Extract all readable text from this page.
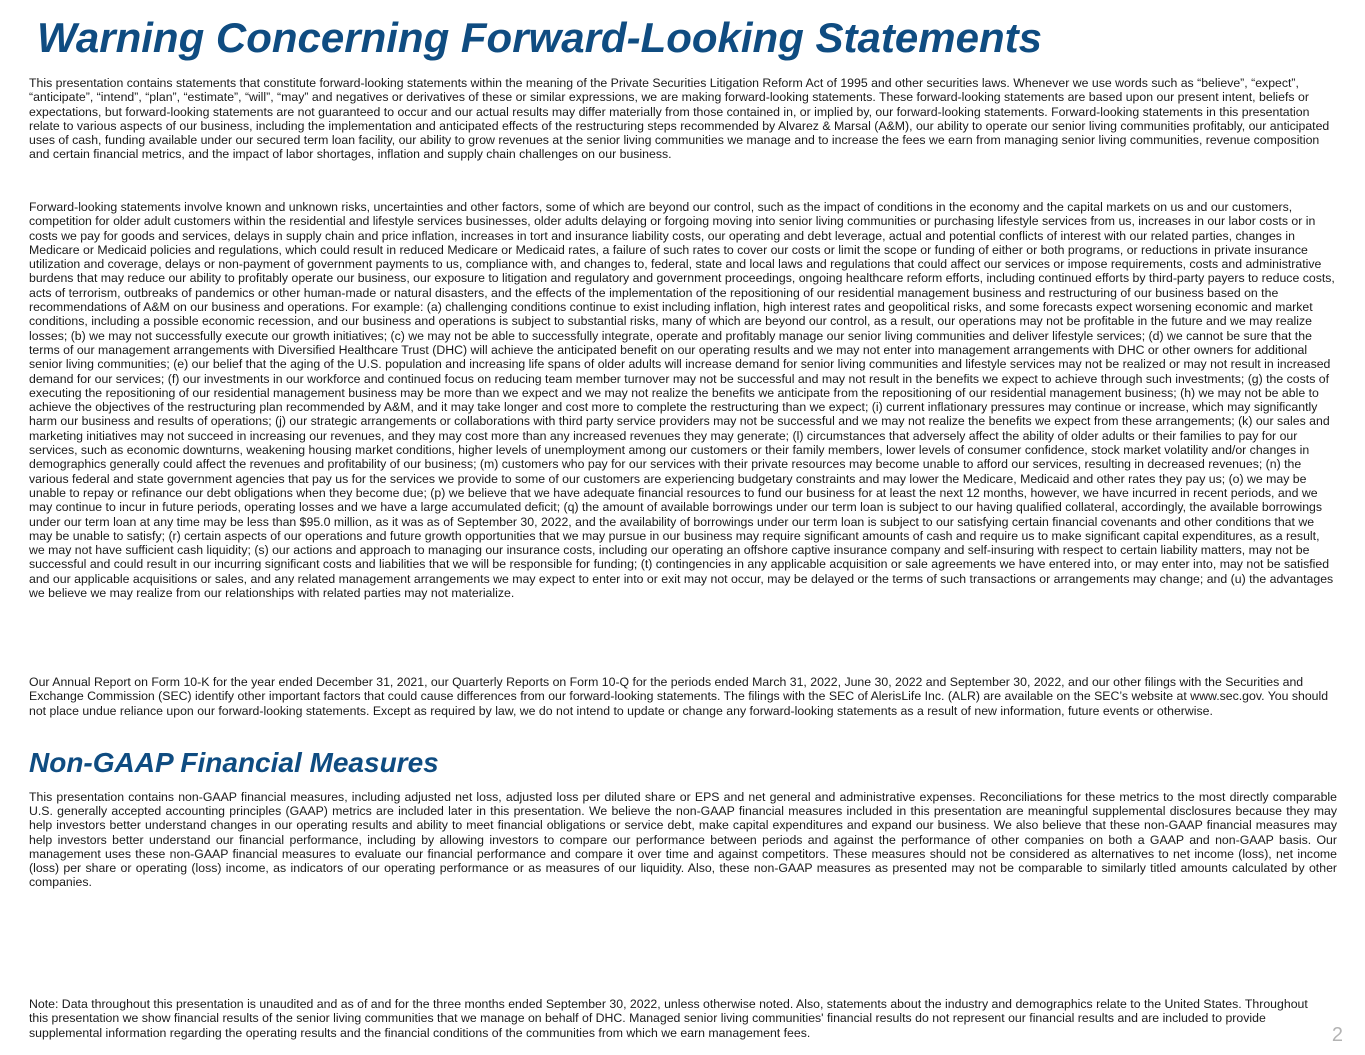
Warning Concerning Forward-Looking Statements

This presentation contains statements that constitute forward-looking statements within the meaning of the Private Securities Litigation Reform Act of 1995 and other securities laws. Whenever we use words such as “believe”, “expect”, “anticipate”, “intend”, “plan”, “estimate”, “will”, “may” and negatives or derivatives of these or similar expressions, we are making forward-looking statements. These forward-looking statements are based upon our present intent, beliefs or expectations, but forward-looking statements are not guaranteed to occur and our actual results may differ materially from those contained in, or implied by, our forward-looking statements. Forward-looking statements in this presentation relate to various aspects of our business, including the implementation and anticipated effects of the restructuring steps recommended by Alvarez & Marsal (A&M), our ability to operate our senior living communities profitably, our anticipated uses of cash, funding available under our secured term loan facility, our ability to grow revenues at the senior living communities we manage and to increase the fees we earn from managing senior living communities, revenue composition and certain financial metrics, and the impact of labor shortages, inflation and supply chain challenges on our business.

Forward-looking statements involve known and unknown risks, uncertainties and other factors, some of which are beyond our control, such as the impact of conditions in the economy and the capital markets on us and our customers, competition for older adult customers within the residential and lifestyle services businesses, older adults delaying or forgoing moving into senior living communities or purchasing lifestyle services from us, increases in our labor costs or in costs we pay for goods and services, delays in supply chain and price inflation, increases in tort and insurance liability costs, our operating and debt leverage, actual and potential conflicts of interest with our related parties, changes in Medicare or Medicaid policies and regulations, which could result in reduced Medicare or Medicaid rates, a failure of such rates to cover our costs or limit the scope or funding of either or both programs, or reductions in private insurance utilization and coverage, delays or non-payment of government payments to us, compliance with, and changes to, federal, state and local laws and regulations that could affect our services or impose requirements, costs and administrative burdens that may reduce our ability to profitably operate our business, our exposure to litigation and regulatory and government proceedings, ongoing healthcare reform efforts, including continued efforts by third-party payers to reduce costs, acts of terrorism, outbreaks of pandemics or other human-made or natural disasters, and the effects of the implementation of the repositioning of our residential management business and restructuring of our business based on the recommendations of A&M on our business and operations. For example: (a) challenging conditions continue to exist including inflation, high interest rates and geopolitical risks, and some forecasts expect worsening economic and market conditions, including a possible economic recession, and our business and operations is subject to substantial risks, many of which are beyond our control, as a result, our operations may not be profitable in the future and we may realize losses; (b) we may not successfully execute our growth initiatives; (c) we may not be able to successfully integrate, operate and profitably manage our senior living communities and deliver lifestyle services; (d) we cannot be sure that the terms of our management arrangements with Diversified Healthcare Trust (DHC) will achieve the anticipated benefit on our operating results and we may not enter into management arrangements with DHC or other owners for additional senior living communities; (e) our belief that the aging of the U.S. population and increasing life spans of older adults will increase demand for senior living communities and lifestyle services may not be realized or may not result in increased demand for our services; (f) our investments in our workforce and continued focus on reducing team member turnover may not be successful and may not result in the benefits we expect to achieve through such investments; (g) the costs of executing the repositioning of our residential management business may be more than we expect and we may not realize the benefits we anticipate from the repositioning of our residential management business; (h) we may not be able to achieve the objectives of the restructuring plan recommended by A&M, and it may take longer and cost more to complete the restructuring than we expect; (i) current inflationary pressures may continue or increase, which may significantly harm our business and results of operations; (j) our strategic arrangements or collaborations with third party service providers may not be successful and we may not realize the benefits we expect from these arrangements; (k) our sales and marketing initiatives may not succeed in increasing our revenues, and they may cost more than any increased revenues they may generate; (l) circumstances that adversely affect the ability of older adults or their families to pay for our services, such as economic downturns, weakening housing market conditions, higher levels of unemployment among our customers or their family members, lower levels of consumer confidence, stock market volatility and/or changes in demographics generally could affect the revenues and profitability of our business; (m) customers who pay for our services with their private resources may become unable to afford our services, resulting in decreased revenues; (n) the various federal and state government agencies that pay us for the services we provide to some of our customers are experiencing budgetary constraints and may lower the Medicare, Medicaid and other rates they pay us; (o) we may be unable to repay or refinance our debt obligations when they become due; (p) we believe that we have adequate financial resources to fund our business for at least the next 12 months, however, we have incurred in recent periods, and we may continue to incur in future periods, operating losses and we have a large accumulated deficit; (q) the amount of available borrowings under our term loan is subject to our having qualified collateral, accordingly, the available borrowings under our term loan at any time may be less than $95.0 million, as it was as of September 30, 2022, and the availability of borrowings under our term loan is subject to our satisfying certain financial covenants and other conditions that we may be unable to satisfy; (r) certain aspects of our operations and future growth opportunities that we may pursue in our business may require significant amounts of cash and require us to make significant capital expenditures, as a result, we may not have sufficient cash liquidity; (s) our actions and approach to managing our insurance costs, including our operating an offshore captive insurance company and self-insuring with respect to certain liability matters, may not be successful and could result in our incurring significant costs and liabilities that we will be responsible for funding; (t) contingencies in any applicable acquisition or sale agreements we have entered into, or may enter into, may not be satisfied and our applicable acquisitions or sales, and any related management arrangements we may expect to enter into or exit may not occur, may be delayed or the terms of such transactions or arrangements may change; and (u) the advantages we believe we may realize from our relationships with related parties may not materialize.

Our Annual Report on Form 10-K for the year ended December 31, 2021, our Quarterly Reports on Form 10-Q for the periods ended March 31, 2022, June 30, 2022 and September 30, 2022, and our other filings with the Securities and Exchange Commission (SEC) identify other important factors that could cause differences from our forward-looking statements. The filings with the SEC of AlerisLife Inc. (ALR) are available on the SEC’s website at www.sec.gov. You should not place undue reliance upon our forward-looking statements. Except as required by law, we do not intend to update or change any forward-looking statements as a result of new information, future events or otherwise.

Non-GAAP Financial Measures

This presentation contains non-GAAP financial measures, including adjusted net loss, adjusted loss per diluted share or EPS and net general and administrative expenses. Reconciliations for these metrics to the most directly comparable U.S. generally accepted accounting principles (GAAP) metrics are included later in this presentation. We believe the non-GAAP financial measures included in this presentation are meaningful supplemental disclosures because they may help investors better understand changes in our operating results and ability to meet financial obligations or service debt, make capital expenditures and expand our business. We also believe that these non-GAAP financial measures may help investors better understand our financial performance, including by allowing investors to compare our performance between periods and against the performance of other companies on both a GAAP and non-GAAP basis. Our management uses these non-GAAP financial measures to evaluate our financial performance and compare it over time and against competitors. These measures should not be considered as alternatives to net income (loss), net income (loss) per share or operating (loss) income, as indicators of our operating performance or as measures of our liquidity. Also, these non-GAAP measures as presented may not be comparable to similarly titled amounts calculated by other companies.

Note: Data throughout this presentation is unaudited and as of and for the three months ended September 30, 2022, unless otherwise noted. Also, statements about the industry and demographics relate to the United States. Throughout this presentation we show financial results of the senior living communities that we manage on behalf of DHC. Managed senior living communities' financial results do not represent our financial results and are included to provide supplemental information regarding the operating results and the financial conditions of the communities from which we earn management fees.	2
